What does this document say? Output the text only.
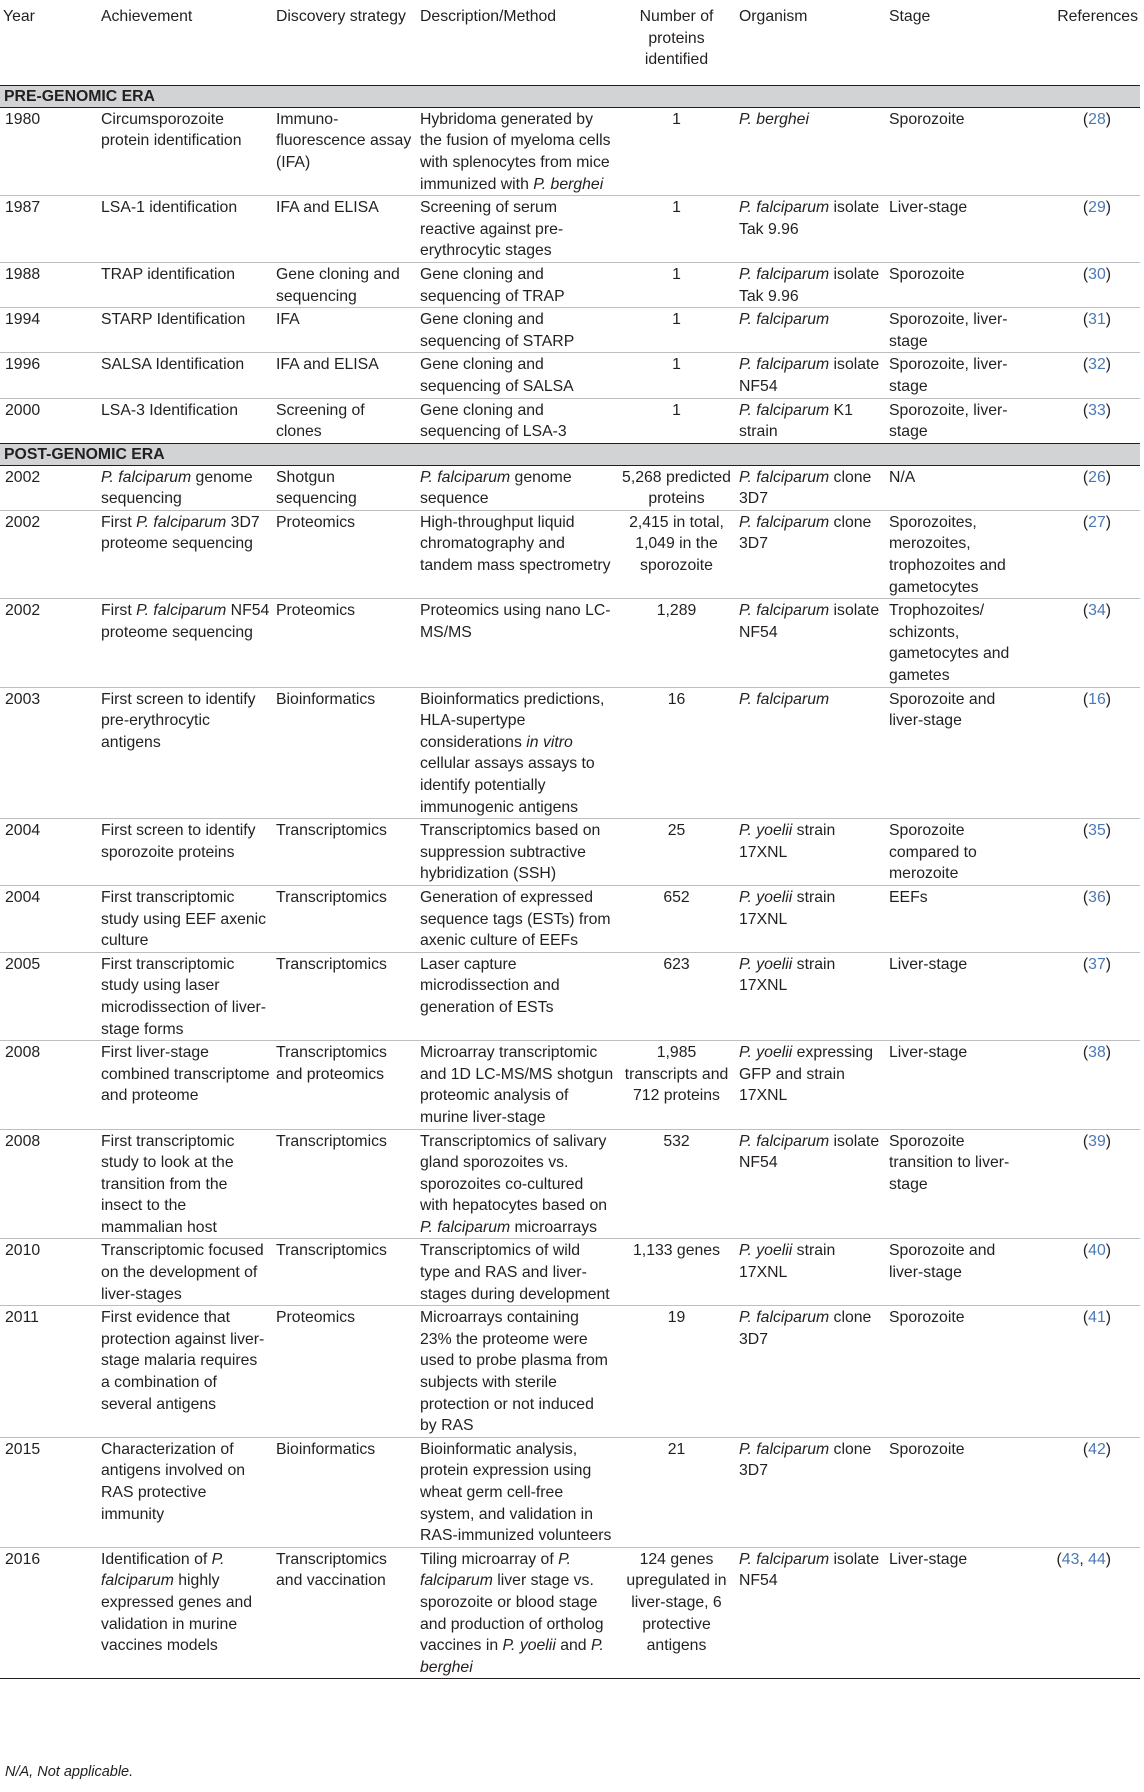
Year	Achievement	Discovery strategy	Description/Method	Number of proteins identified	Organism	Stage	References
PRE-GENOMIC ERA							
1980	Circumsporozoite protein identification	Immuno-fluorescence assay (IFA)	Hybridoma generated by the fusion of myeloma cells with splenocytes from mice immunized with P. berghei	1	P. berghei	Sporozoite	(28)
1987	LSA-1 identification	IFA and ELISA	Screening of serum reactive against pre-erythrocytic stages	1	P. falciparum isolate Tak 9.96	Liver-stage	(29)
1988	TRAP identification	Gene cloning and sequencing	Gene cloning and sequencing of TRAP	1	P. falciparum isolate Tak 9.96	Sporozoite	(30)
1994	STARP Identification	IFA	Gene cloning and sequencing of STARP	1	P. falciparum	Sporozoite, liver-stage	(31)
1996	SALSA Identification	IFA and ELISA	Gene cloning and sequencing of SALSA	1	P. falciparum isolate NF54	Sporozoite, liver-stage	(32)
2000	LSA-3 Identification	Screening of clones	Gene cloning and sequencing of LSA-3	1	P. falciparum K1 strain	Sporozoite, liver-stage	(33)
POST-GENOMIC ERA							
2002	P. falciparum genome sequencing	Shotgun sequencing	P. falciparum genome sequence	5,268 predicted proteins	P. falciparum clone 3D7	N/A	(26)
2002	First P. falciparum 3D7 proteome sequencing	Proteomics	High-throughput liquid chromatography and tandem mass spectrometry	2,415 in total, 1,049 in the sporozoite	P. falciparum clone 3D7	Sporozoites, merozoites, trophozoites and gametocytes	(27)
2002	First P. falciparum NF54 proteome sequencing	Proteomics	Proteomics using nano LC-MS/MS	1,289	P. falciparum isolate NF54	Trophozoites/ schizonts, gametocytes and gametes	(34)
2003	First screen to identify pre-erythrocytic antigens	Bioinformatics	Bioinformatics predictions, HLA-supertype considerations in vitro cellular assays assays to identify potentially immunogenic antigens	16	P. falciparum	Sporozoite and liver-stage	(16)
2004	First screen to identify sporozoite proteins	Transcriptomics	Transcriptomics based on suppression subtractive hybridization (SSH)	25	P. yoelii strain 17XNL	Sporozoite compared to merozoite	(35)
2004	First transcriptomic study using EEF axenic culture	Transcriptomics	Generation of expressed sequence tags (ESTs) from axenic culture of EEFs	652	P. yoelii strain 17XNL	EEFs	(36)
2005	First transcriptomic study using laser microdissection of liver-stage forms	Transcriptomics	Laser capture microdissection and generation of ESTs	623	P. yoelii strain 17XNL	Liver-stage	(37)
2008	First liver-stage combined transcriptome and proteome	Transcriptomics and proteomics	Microarray transcriptomic and 1D LC-MS/MS shotgun proteomic analysis of murine liver-stage	1,985 transcripts and 712 proteins	P. yoelii expressing GFP and strain 17XNL	Liver-stage	(38)
2008	First transcriptomic study to look at the transition from the insect to the mammalian host	Transcriptomics	Transcriptomics of salivary gland sporozoites vs. sporozoites co-cultured with hepatocytes based on P. falciparum microarrays	532	P. falciparum isolate NF54	Sporozoite transition to liver-stage	(39)
2010	Transcriptomic focused on the development of liver-stages	Transcriptomics	Transcriptomics of wild type and RAS and liver-stages during development	1,133 genes	P. yoelii strain 17XNL	Sporozoite and liver-stage	(40)
2011	First evidence that protection against liver-stage malaria requires a combination of several antigens	Proteomics	Microarrays containing 23% the proteome were used to probe plasma from subjects with sterile protection or not induced by RAS	19	P. falciparum clone 3D7	Sporozoite	(41)
2015	Characterization of antigens involved on RAS protective immunity	Bioinformatics	Bioinformatic analysis, protein expression using wheat germ cell-free system, and validation in RAS-immunized volunteers	21	P. falciparum clone 3D7	Sporozoite	(42)
2016	Identification of P. falciparum highly expressed genes and validation in murine vaccines models	Transcriptomics and vaccination	Tiling microarray of P. falciparum liver stage vs. sporozoite or blood stage and production of ortholog vaccines in P. yoelii and P. berghei	124 genes upregulated in liver-stage, 6 protective antigens	P. falciparum isolate NF54	Liver-stage	(43, 44)
N/A, Not applicable.
